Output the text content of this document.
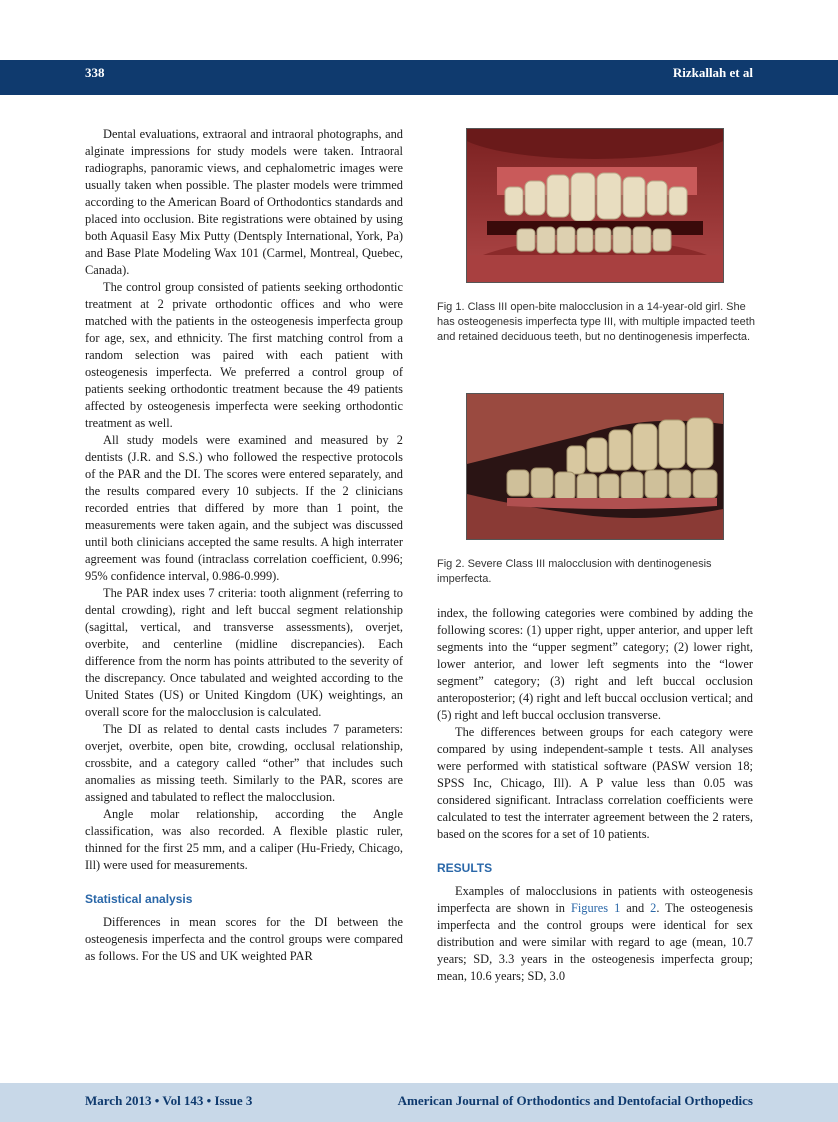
338	Rizkallah et al

Dental evaluations, extraoral and intraoral photographs, and alginate impressions for study models were taken. Intraoral radiographs, panoramic views, and cephalometric images were usually taken when possible. The plaster models were trimmed according to the American Board of Orthodontics standards and placed into occlusion. Bite registrations were obtained by using both Aquasil Easy Mix Putty (Dentsply International, York, Pa) and Base Plate Modeling Wax 101 (Carmel, Montreal, Quebec, Canada).

The control group consisted of patients seeking orthodontic treatment at 2 private orthodontic offices and who were matched with the patients in the osteogenesis imperfecta group for age, sex, and ethnicity. The first matching control from a random selection was paired with each patient with osteogenesis imperfecta. We preferred a control group of patients seeking orthodontic treatment because the 49 patients affected by osteogenesis imperfecta were seeking orthodontic treatment as well.

All study models were examined and measured by 2 dentists (J.R. and S.S.) who followed the respective protocols of the PAR and the DI. The scores were entered separately, and the results compared every 10 subjects. If the 2 clinicians recorded entries that differed by more than 1 point, the measurements were taken again, and the subject was discussed until both clinicians accepted the same results. A high interrater agreement was found (intraclass correlation coefficient, 0.996; 95% confidence interval, 0.986-0.999).

The PAR index uses 7 criteria: tooth alignment (referring to dental crowding), right and left buccal segment relationship (sagittal, vertical, and transverse assessments), overjet, overbite, and centerline (midline discrepancies). Each difference from the norm has points attributed to the severity of the discrepancy. Once tabulated and weighted according to the United States (US) or United Kingdom (UK) weightings, an overall score for the malocclusion is calculated.

The DI as related to dental casts includes 7 parameters: overjet, overbite, open bite, crowding, occlusal relationship, crossbite, and a category called “other” that includes such anomalies as missing teeth. Similarly to the PAR, scores are assigned and tabulated to reflect the malocclusion.

Angle molar relationship, according the Angle classification, was also recorded. A flexible plastic ruler, thinned for the first 25 mm, and a caliper (Hu-Friedy, Chicago, Ill) were used for measurements.

Statistical analysis

Differences in mean scores for the DI between the osteogenesis imperfecta and the control groups were compared as follows. For the US and UK weighted PAR

Fig 1. Class III open-bite malocclusion in a 14-year-old girl. She has osteogenesis imperfecta type III, with multiple impacted teeth and retained deciduous teeth, but no dentinogenesis imperfecta.
Fig 2. Severe Class III malocclusion with dentinogenesis imperfecta.

index, the following categories were combined by adding the following scores: (1) upper right, upper anterior, and upper left segments into the “upper segment” category; (2) lower right, lower anterior, and lower left segments into the “lower segment” category; (3) right and left buccal occlusion anteroposterior; (4) right and left buccal occlusion vertical; and (5) right and left buccal occlusion transverse.

The differences between groups for each category were compared by using independent-sample t tests. All analyses were performed with statistical software (PASW version 18; SPSS Inc, Chicago, Ill). A P value less than 0.05 was considered significant. Intraclass correlation coefficients were calculated to test the interrater agreement between the 2 raters, based on the scores for a set of 10 patients.

RESULTS

Examples of malocclusions in patients with osteogenesis imperfecta are shown in Figures 1 and 2. The osteogenesis imperfecta and the control groups were identical for sex distribution and were similar with regard to age (mean, 10.7 years; SD, 3.3 years in the osteogenesis imperfecta group; mean, 10.6 years; SD, 3.0

March 2013 • Vol 143 • Issue 3	American Journal of Orthodontics and Dentofacial Orthopedics
